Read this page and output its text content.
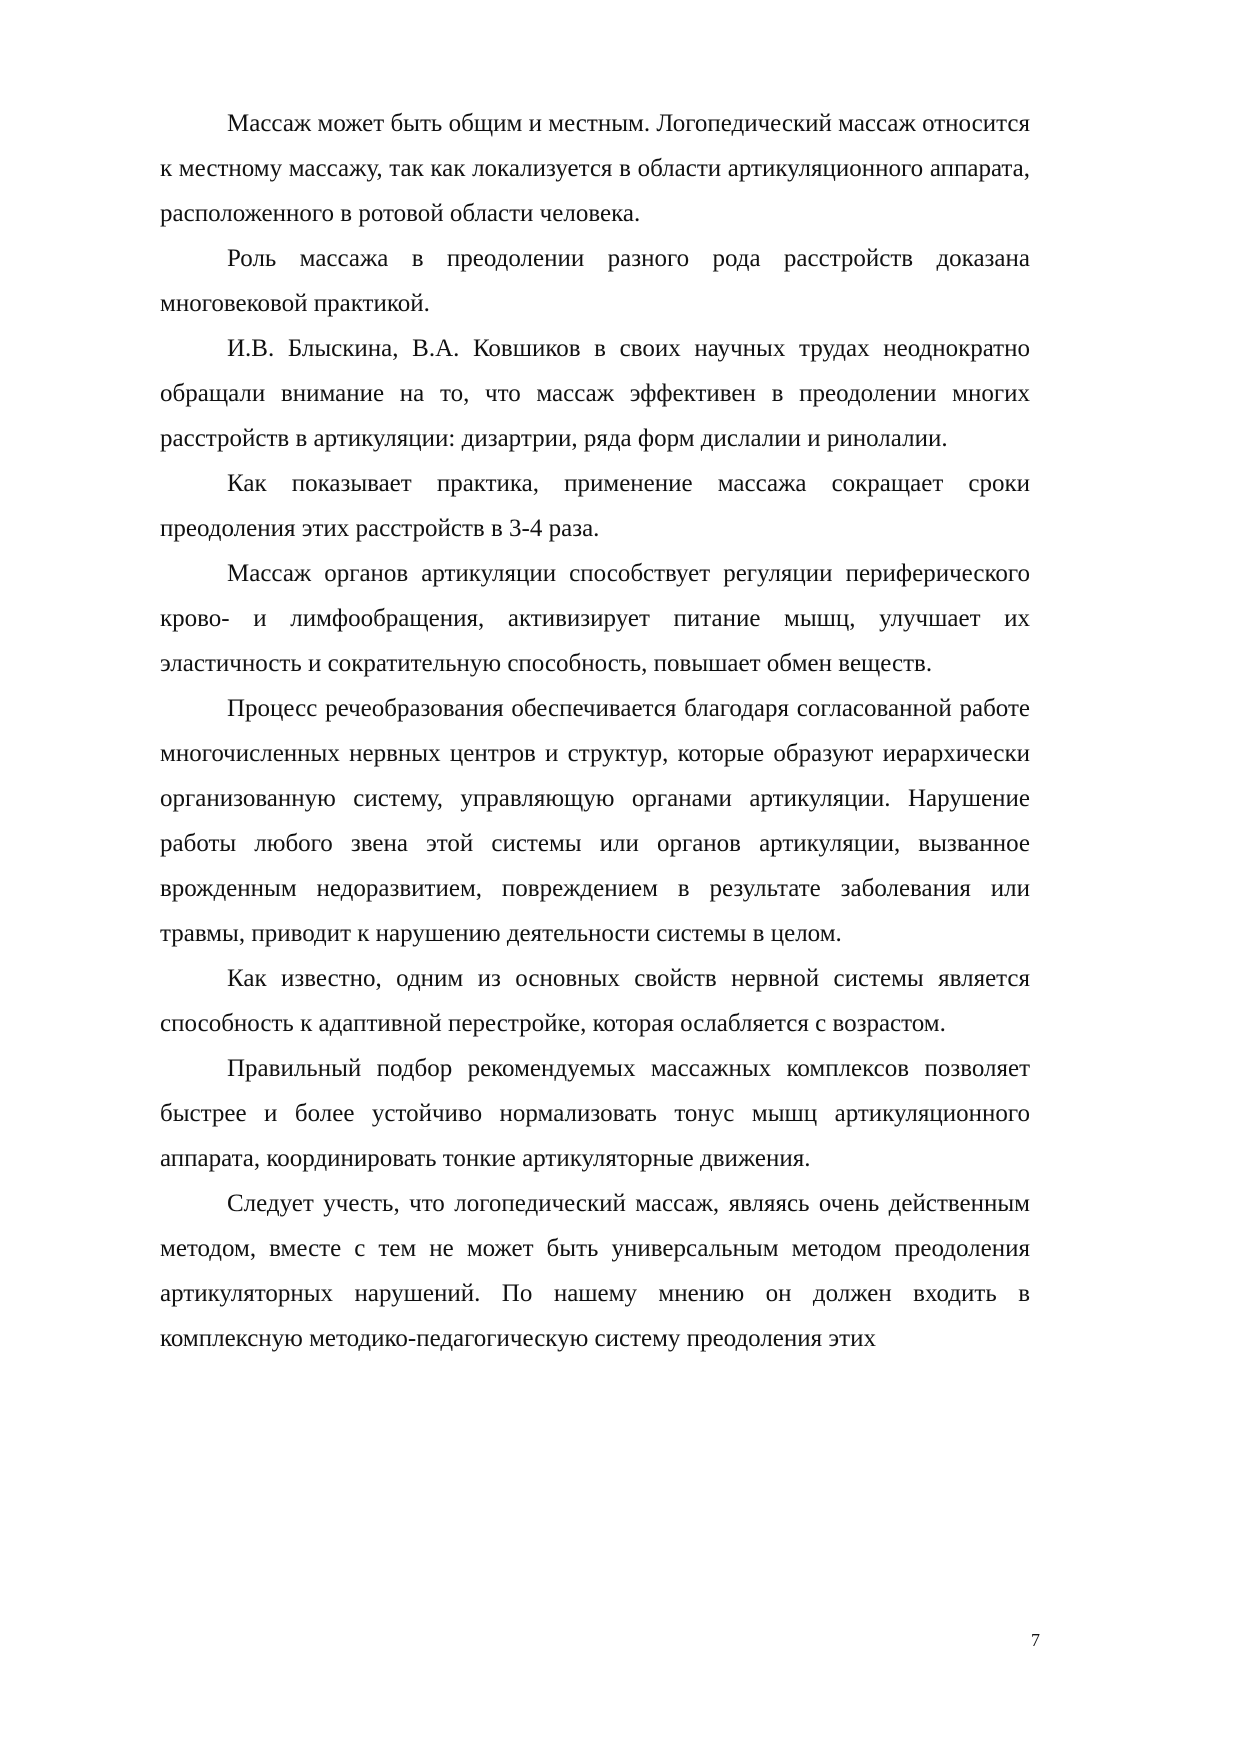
Массаж может быть общим и местным. Логопедический массаж относится к местному массажу, так как локализуется в области артикуляционного аппарата, расположенного в ротовой области человека.

Роль массажа в преодолении разного рода расстройств доказана многовековой практикой.

И.В. Блыскина, В.А. Ковшиков в своих научных трудах неоднократно обращали внимание на то, что массаж эффективен в преодолении многих расстройств в артикуляции: дизартрии, ряда форм дислалии и ринолалии.

Как показывает практика, применение массажа сокращает сроки преодоления этих расстройств в 3-4 раза.

Массаж органов артикуляции способствует регуляции периферического крово- и лимфообращения, активизирует питание мышц, улучшает их эластичность и сократительную способность, повышает обмен веществ.

Процесс речеобразования обеспечивается благодаря согласованной работе многочисленных нервных центров и структур, которые образуют иерархически организованную систему, управляющую органами артикуляции. Нарушение работы любого звена этой системы или органов артикуляции, вызванное врожденным недоразвитием, повреждением в результате заболевания или травмы, приводит к нарушению деятельности системы в целом.

Как известно, одним из основных свойств нервной системы является способность к адаптивной перестройке, которая ослабляется с возрастом.

Правильный подбор рекомендуемых массажных комплексов позволяет быстрее и более устойчиво нормализовать тонус мышц артикуляционного аппарата, координировать тонкие артикуляторные движения.

Следует учесть, что логопедический массаж, являясь очень действенным методом, вместе с тем не может быть универсальным методом преодоления артикуляторных нарушений. По нашему мнению он должен входить в комплексную методико-педагогическую систему преодоления этих

7
